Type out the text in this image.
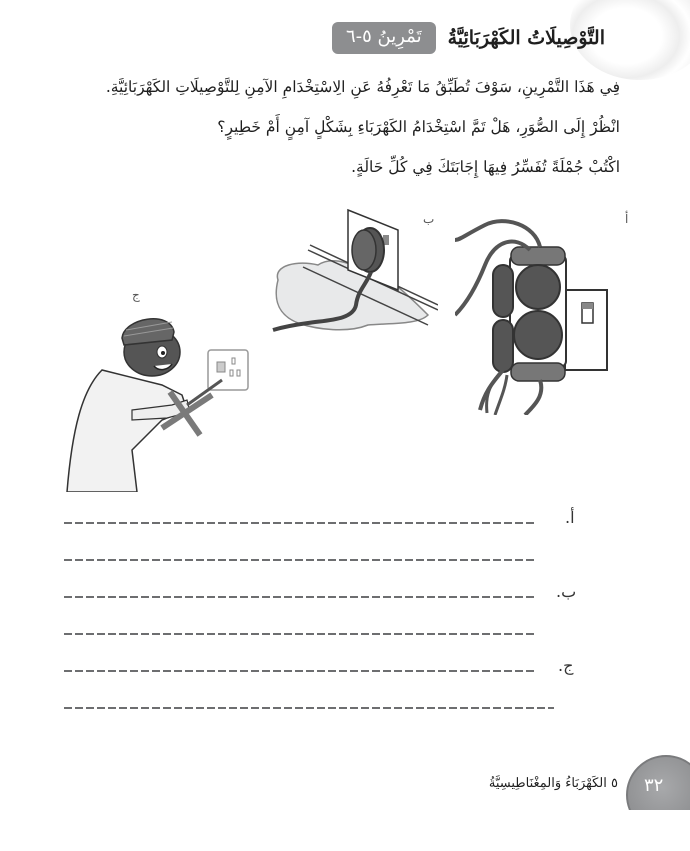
تَمْرِينُ ٥-٦	التَّوْصِيلَاتُ الكَهْرَبَائِيَّةُ

فِي هَذَا التَّمْرِينِ، سَوْفَ تُطَبِّقُ مَا تَعْرِفُهُ عَنِ الِاسْتِخْدَامِ الآمِنِ لِلتَّوْصِيلَاتِ الكَهْرَبَائِيَّةِ.

انْظُرْ إِلَى الصُّوَرِ، هَلْ تَمَّ اسْتِخْدَامُ الكَهْرَبَاءِ بِشَكْلٍ آمِنٍ أَمْ خَطِيرٍ؟

اكْتُبْ جُمْلَةً تُفَسِّرُ فِيهَا إِجَابَتَكَ فِي كُلِّ حَالَةٍ.

أ
ب
ج
أ.
ب.
ج.
٥ الكَهْرَبَاءُ وَالمِغْنَاطِيسِيَّةُ ٣٢
